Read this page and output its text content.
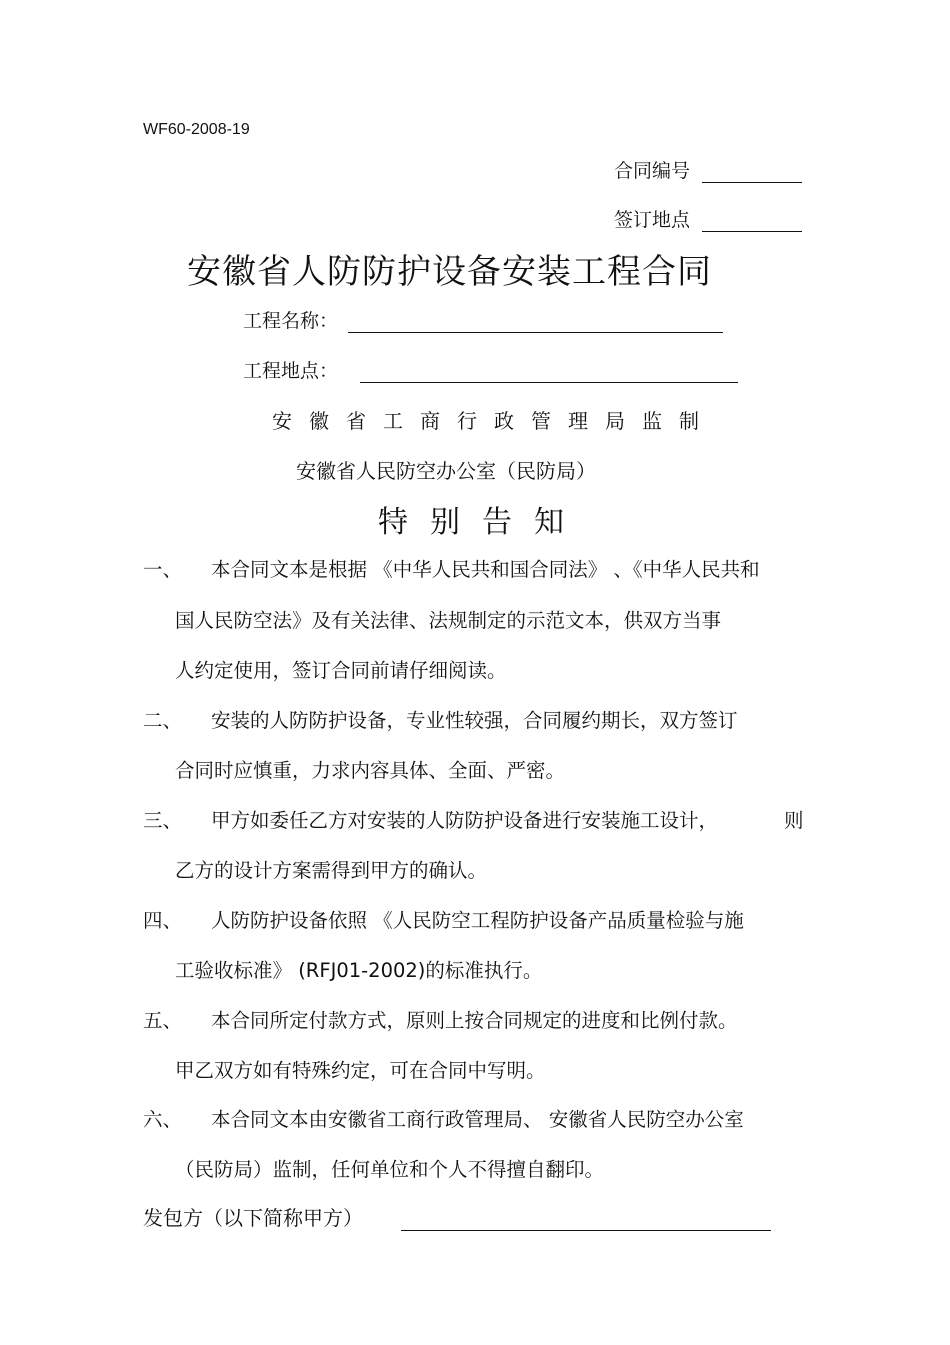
WF60-2008-19
合同编号
签订地点
安徽省人防防护设备安装工程合同
工程名称：
工程地点：
安徽省工商行政管理局监制
安徽省人民防空办公室（民防局）
特别告知
一、 本合同文本是根据 《中华人民共和国合同法》 、《中华人民共和
国人民防空法》及有关法律、法规制定的示范文本，供双方当事
人约定使用，签订合同前请仔细阅读。
二、 安装的人防防护设备，专业性较强，合同履约期长，双方签订
合同时应慎重，力求内容具体、全面、严密。
三、 甲方如委任乙方对安装的人防防护设备进行安装施工设计，	则
乙方的设计方案需得到甲方的确认。
四、 人防防护设备依照 《人民防空工程防护设备产品质量检验与施
工验收标准》 (RFJ01-2002)的标准执行。
五、 本合同所定付款方式，原则上按合同规定的进度和比例付款。
甲乙双方如有特殊约定，可在合同中写明。
六、 本合同文本由安徽省工商行政管理局、 安徽省人民防空办公室
（民防局）监制，任何单位和个人不得擅自翻印。
发包方（以下简称甲方）
